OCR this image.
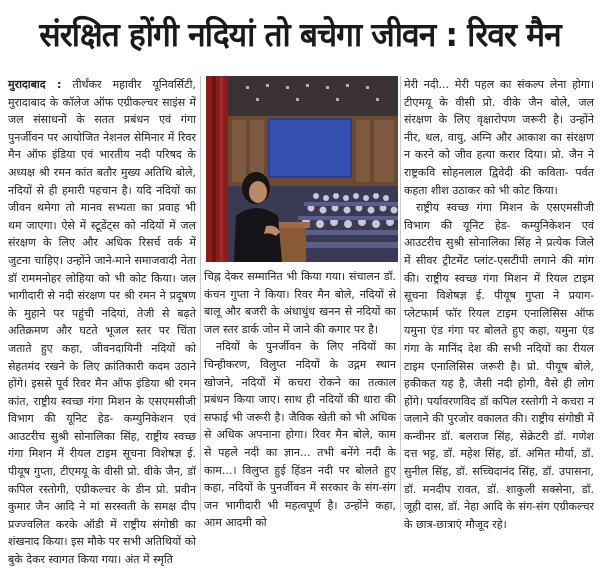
संरक्षित होंगी नदियां तो बचेगा जीवन : रिवर मैन

मुरादाबाद : तीर्थंकर महावीर यूनिवर्सिटी, मुरादाबाद के कॉलेज ऑफ एग्रीकल्चर साइंस में जल संसाधनों के सतत प्रबंधन एवं गंगा पुनर्जीवन पर आयोजित नेशनल सेमिनार में रिवर मैन ऑफ इंडिया एवं भारतीय नदी परिषद के अध्यक्ष श्री रमन कांत बतौर मुख्य अतिथि बोले, नदियों से ही हमारी पहचान है। यदि नदियों का जीवन थमेगा तो मानव सभ्यता का प्रवाह भी थम जाएगा। ऐसे में स्टूडेंट्स को नदियों में जल संरक्षण के लिए और अधिक रिसर्च वर्क में जुटना चाहिए। उन्होंने जाने-माने समाजवादी नेता डॉ राममनोहर लोहिया को भी कोट किया। जल भागीदारी से नदी संरक्षण पर श्री रमन ने प्रदूषण के मुहाने पर पहुंची नदियां, तेजी से बढ़ते अतिक्रमण और घटते भूजल स्तर पर चिंता जताते हुए कहा, जीवनदायिनी नदियों को सेहतमंद रखने के लिए क्रांतिकारी कदम उठाने होंगे। इससे पूर्व रिवर मैन ऑफ इंडिया श्री रमन कांत, राष्ट्रीय स्वच्छ गंगा मिशन के एसएमसीजी विभाग की यूनिट हेड- कम्युनिकेशन एवं आउटरीच सुश्री सोनालिका सिंह, राष्ट्रीय स्वच्छ गंगा मिशन में रीयल टाइम सूचना विशेषज्ञ ई. पीयूष गुप्ता, टीएमयू के वीसी प्रो. वीके जैन, डॉ कपिल रस्तोगी, एग्रीकल्चर के डीन प्रो. प्रवीन कुमार जैन आदि ने मां सरस्वती के समक्ष दीप प्रज्ज्वलित करके ऑडी में राष्ट्रीय संगोष्ठी का शंखनाद किया। इस मौके पर सभी अतिथियों को बुके देकर स्वागत किया गया। अंत में स्मृति

चिह्न देकर सम्मानित भी किया गया। संचालन डॉ. कंचन गुप्ता ने किया। रिवर मैन बोले, नदियों से बालू और बजरी के अंधाधुंध खनन से नदियों का जल स्तर डार्क जोन में जाने की कगार पर है।

नदियों के पुनर्जीवन के लिए नदियों का चिन्हीकरण, विलुप्त नदियों के उद्गम स्थान खोजने, नदियों में कचरा रोकने का तत्काल प्रबंधन किया जाए। साथ ही नदियों की धारा की सफाई भी जरूरी है। जैविक खेती को भी अधिक से अधिक अपनाना होगा। रिवर मैन बोले, काम से पहले नदी का ज्ञान... तभी बनेंगे नदी के काम...। विलुप्त हुई हिंडन नदी पर बोलते हुए कहा, नदियों के पुनर्जीवन में सरकार के संग-संग जन भागीदारी भी महत्वपूर्ण है। उन्होंने कहा, आम आदमी को

मेरी नदी... मेरी पहल का संकल्प लेना होगा। टीएमयू के वीसी प्रो. वीके जैन बोले, जल संरक्षण के लिए वृक्षारोपण जरूरी है। उन्होंने नीर, थल, वायु, अग्नि और आकाश का संरक्षण न करने को जीव हत्या करार दिया। प्रो. जैन ने राष्ट्रकवि सोहनलाल द्विवेदी की कविता- पर्वत कहता शीश उठाकर को भी कोट किया।

राष्ट्रीय स्वच्छ गंगा मिशन के एसएमसीजी विभाग की यूनिट हेड- कम्युनिकेशन एवं आउटरीच सुश्री सोनालिका सिंह ने प्रत्येक जिले में सीवर ट्रीटमेंट प्लांट-एसटीपी लगाने की मांग की। राष्ट्रीय स्वच्छ गंगा मिशन में रियल टाइम सूचना विशेषज्ञ ई. पीयूष गुप्ता ने प्रयाग- प्लेटफार्म फॉर रियल टाइम एनालिसिस ऑफ यमुना एंड गंगा पर बोलते हुए कहा, यमुना एंड गंगा के मानिंद देश की सभी नदियों का रीयल टाइम एनालिसिस जरूरी है। प्रो. पीयूष बोले, हकीकत यह है, जैसी नदी होगी, वैसे ही लोग होंगे। पर्यावरणविद डॉ कपिल रस्तोगी ने कचरा न जलाने की पुरजोर वकालत की। राष्ट्रीय संगोष्ठी में कन्वीनर डॉ. बलराज सिंह, सेक्रेटरी डॉ. गणेश दत्त भट्ट, डॉ. महेश सिंह, डॉ. अमित मौर्या, डॉ. सुनील सिंह, डॉ. सच्चिदानंद सिंह, डॉ. उपासना, डॉ. मनदीप रावत, डॉ. शाकुली सक्सेना, डॉ. जूही दास, डॉ. नेहा आदि के संग-संग एग्रीकल्चर के छात्र-छात्राएं मौजूद रहे।
